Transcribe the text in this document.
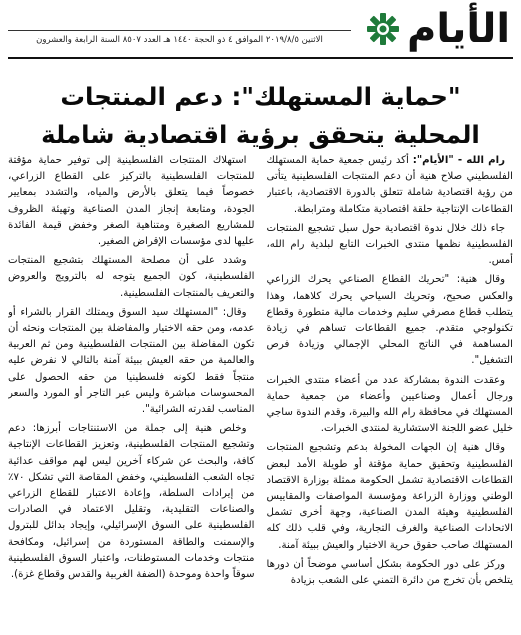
الأيام
الاثنين ٢٠١٩/٨/٥ الموافق ٤ ذو الحجة ١٤٤٠ هـ العدد ٨٥٠٧ السنة الرابعة والعشرون
"حماية المستهلك": دعم المنتجات
المحلية يتحقق برؤية اقتصادية شاملة

رام الله - "الأيام": أكد رئيس جمعية حماية المستهلك الفلسطيني صلاح هنية أن دعم المنتجات الفلسطينية يتأتى من رؤية اقتصادية شاملة تتعلق بالدورة الاقتصادية، باعتبار القطاعات الإنتاجية حلقة اقتصادية متكاملة ومترابطة.

جاء ذلك خلال ندوة اقتصادية حول سبل تشجيع المنتجات الفلسطينية نظمها منتدى الخبرات التابع لبلدية رام الله، أمس.

وقال هنية: "تحريك القطاع الصناعي يحرك الزراعي والعكس صحيح، وتحريك السياحي يحرك كلاهما، وهذا يتطلب قطاع مصرفي سليم وخدمات مالية متطورة وقطاع تكنولوجي متقدم. جميع القطاعات تساهم في زيادة المساهمة في الناتج المحلي الإجمالي وزيادة فرص التشغيل".

وعقدت الندوة بمشاركة عدد من أعضاء منتدى الخبرات ورجال أعمال وصناعيين وأعضاء من جمعية حماية المستهلك في محافظة رام الله والبيرة، وقدم الندوة ساجي خليل عضو اللجنة الاستشارية لمنتدى الخبرات.

وقال هنية إن الجهات المخولة بدعم وتشجيع المنتجات الفلسطينية وتحقيق حماية مؤقتة أو طويلة الأمد لبعض القطاعات الاقتصادية تشمل الحكومة ممثلة بوزارة الاقتصاد الوطني ووزارة الزراعة ومؤسسة المواصفات والمقاييس الفلسطينية وهيئة المدن الصناعية، وجهة أخرى تشمل الاتحادات الصناعية والغرف التجارية، وفي قلب ذلك كله المستهلك صاحب حقوق حرية الاختيار والعيش ببيئة آمنة.

وركز على دور الحكومة بشكل أساسي موضحاً أن دورها يتلخص بأن تخرج من دائرة التمني على الشعب بزيادة

استهلاك المنتجات الفلسطينية إلى توفير حماية مؤقتة للمنتجات الفلسطينية بالتركيز على القطاع الزراعي، خصوصاً فيما يتعلق بالأرض والمياه، والتشدد بمعايير الجودة، ومتابعة إنجاز المدن الصناعية وتهيئة الظروف للمشاريع الصغيرة ومتناهية الصغر وخفض قيمة الفائدة عليها لدى مؤسسات الإقراض الصغير.

وشدد على أن مصلحة المستهلك بتشجيع المنتجات الفلسطينية، كون الجميع يتوجه له بالترويج والعروض والتعريف بالمنتجات الفلسطينية.

وقال: "المستهلك سيد السوق ويمتلك القرار بالشراء أو عدمه، ومن حقه الاختيار والمفاضلة بين المنتجات ونحثه أن تكون المفاضلة بين المنتجات الفلسطينية ومن ثم العربية والعالمية من حقه العيش ببيئة آمنة بالتالي لا نفرض عليه منتجاً فقط لكونه فلسطينيا من حقه الحصول على المحسوسات مباشرة وليس عبر التاجر أو المورد والسعر المناسب لقدرته الشرائية".

وخلص هنية إلى جملة من الاستنتاجات أبرزها: دعم وتشجيع المنتجات الفلسطينية، وتعزيز القطاعات الإنتاجية كافة، والبحث عن شركاء آخرين ليس لهم مواقف عدائية تجاه الشعب الفلسطيني، وخفض المقاصة التي تشكل ٧٠٪ من إيرادات السلطة، وإعادة الاعتبار للقطاع الزراعي والصناعات التقليدية، وتقليل الاعتماد في الصادرات الفلسطينية على السوق الإسرائيلي، وإيجاد بدائل للبترول والإسمنت والطاقة المستوردة من إسرائيل، ومكافحة منتجات وخدمات المستوطنات، واعتبار السوق الفلسطينية سوقاً واحدة وموحدة (الضفة الغربية والقدس وقطاع غزة).
